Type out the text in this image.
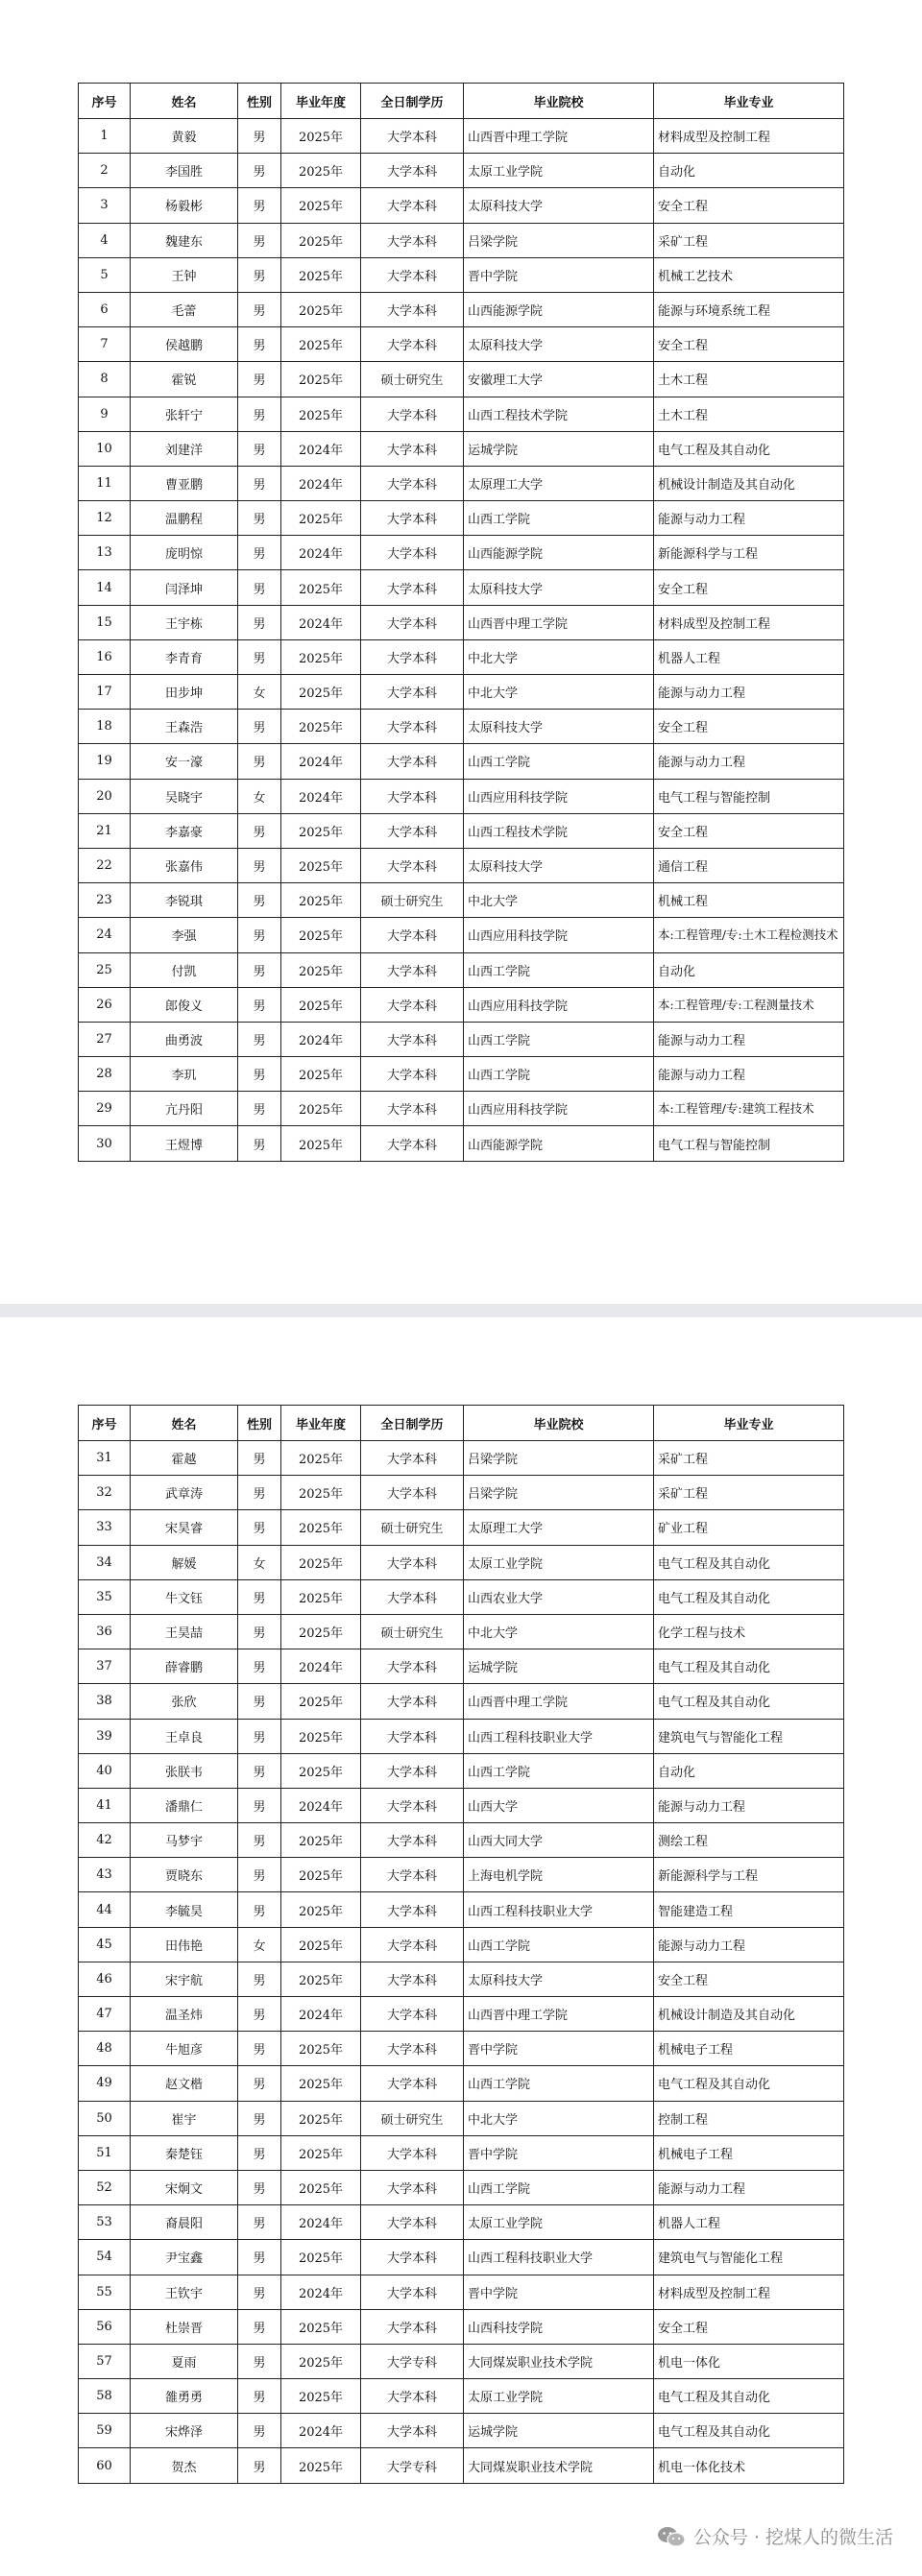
序号	姓名	性别	毕业年度	全日制学历	毕业院校	毕业专业
1	黄毅	男	2025年	大学本科	山西晋中理工学院	材料成型及控制工程
2	李国胜	男	2025年	大学本科	太原工业学院	自动化
3	杨毅彬	男	2025年	大学本科	太原科技大学	安全工程
4	魏建东	男	2025年	大学本科	吕梁学院	采矿工程
5	王钟	男	2025年	大学本科	晋中学院	机械工艺技术
6	毛蕾	男	2025年	大学本科	山西能源学院	能源与环境系统工程
7	侯越鹏	男	2025年	大学本科	太原科技大学	安全工程
8	霍锐	男	2025年	硕士研究生	安徽理工大学	土木工程
9	张轩宁	男	2025年	大学本科	山西工程技术学院	土木工程
10	刘建洋	男	2024年	大学本科	运城学院	电气工程及其自动化
11	曹亚鹏	男	2024年	大学本科	太原理工大学	机械设计制造及其自动化
12	温鹏程	男	2025年	大学本科	山西工学院	能源与动力工程
13	庞明惊	男	2024年	大学本科	山西能源学院	新能源科学与工程
14	闫泽坤	男	2025年	大学本科	太原科技大学	安全工程
15	王宇栋	男	2024年	大学本科	山西晋中理工学院	材料成型及控制工程
16	李青育	男	2025年	大学本科	中北大学	机器人工程
17	田步坤	女	2025年	大学本科	中北大学	能源与动力工程
18	王森浩	男	2025年	大学本科	太原科技大学	安全工程
19	安一濠	男	2024年	大学本科	山西工学院	能源与动力工程
20	吴晓宇	女	2024年	大学本科	山西应用科技学院	电气工程与智能控制
21	李嘉豪	男	2025年	大学本科	山西工程技术学院	安全工程
22	张嘉伟	男	2025年	大学本科	太原科技大学	通信工程
23	李锐琪	男	2025年	硕士研究生	中北大学	机械工程
24	李强	男	2025年	大学本科	山西应用科技学院	本:工程管理/专:土木工程检测技术
25	付凯	男	2025年	大学本科	山西工学院	自动化
26	郎俊义	男	2025年	大学本科	山西应用科技学院	本:工程管理/专:工程测量技术
27	曲勇波	男	2024年	大学本科	山西工学院	能源与动力工程
28	李玑	男	2025年	大学本科	山西工学院	能源与动力工程
29	亢丹阳	男	2025年	大学本科	山西应用科技学院	本:工程管理/专:建筑工程技术
30	王煜博	男	2025年	大学本科	山西能源学院	电气工程与智能控制
序号	姓名	性别	毕业年度	全日制学历	毕业院校	毕业专业
31	霍越	男	2025年	大学本科	吕梁学院	采矿工程
32	武章涛	男	2025年	大学本科	吕梁学院	采矿工程
33	宋昊睿	男	2025年	硕士研究生	太原理工大学	矿业工程
34	解媛	女	2025年	大学本科	太原工业学院	电气工程及其自动化
35	牛文钰	男	2025年	大学本科	山西农业大学	电气工程及其自动化
36	王昊喆	男	2025年	硕士研究生	中北大学	化学工程与技术
37	薛睿鹏	男	2024年	大学本科	运城学院	电气工程及其自动化
38	张欣	男	2025年	大学本科	山西晋中理工学院	电气工程及其自动化
39	王卓良	男	2025年	大学本科	山西工程科技职业大学	建筑电气与智能化工程
40	张朕韦	男	2025年	大学本科	山西工学院	自动化
41	潘鼎仁	男	2024年	大学本科	山西大学	能源与动力工程
42	马梦宇	男	2025年	大学本科	山西大同大学	测绘工程
43	贾晓东	男	2025年	大学本科	上海电机学院	新能源科学与工程
44	李毓昊	男	2025年	大学本科	山西工程科技职业大学	智能建造工程
45	田伟艳	女	2025年	大学本科	山西工学院	能源与动力工程
46	宋宇航	男	2025年	大学本科	太原科技大学	安全工程
47	温圣炜	男	2024年	大学本科	山西晋中理工学院	机械设计制造及其自动化
48	牛旭彦	男	2025年	大学本科	晋中学院	机械电子工程
49	赵文楷	男	2025年	大学本科	山西工学院	电气工程及其自动化
50	崔宇	男	2025年	硕士研究生	中北大学	控制工程
51	秦楚钰	男	2025年	大学本科	晋中学院	机械电子工程
52	宋炯文	男	2025年	大学本科	山西工学院	能源与动力工程
53	裔晨阳	男	2024年	大学本科	太原工业学院	机器人工程
54	尹宝鑫	男	2025年	大学本科	山西工程科技职业大学	建筑电气与智能化工程
55	王钦宇	男	2024年	大学本科	晋中学院	材料成型及控制工程
56	杜崇晋	男	2025年	大学本科	山西科技学院	安全工程
57	夏雨	男	2025年	大学专科	大同煤炭职业技术学院	机电一体化
58	雒勇勇	男	2025年	大学本科	太原工业学院	电气工程及其自动化
59	宋烨泽	男	2024年	大学本科	运城学院	电气工程及其自动化
60	贺杰	男	2025年	大学专科	大同煤炭职业技术学院	机电一体化技术
公众号 · 挖煤人的微生活
